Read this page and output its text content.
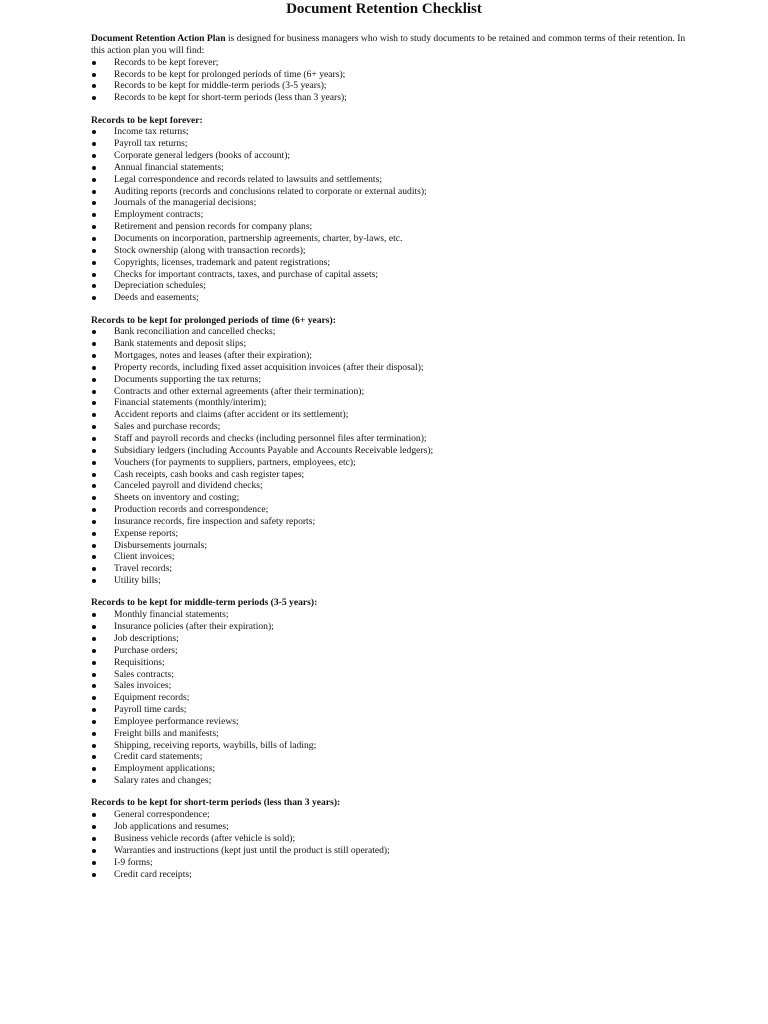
Document Retention Checklist

Document Retention Action Plan is designed for business managers who wish to study documents to be retained and common terms of their retention. In this action plan you will find:

Records to be kept forever;
Records to be kept for prolonged periods of time (6+ years);
Records to be kept for middle-term periods (3-5 years);
Records to be kept for short-term periods (less than 3 years);
Records to be kept forever:
Income tax returns;
Payroll tax returns;
Corporate general ledgers (books of account);
Annual financial statements;
Legal correspondence and records related to lawsuits and settlements;
Auditing reports (records and conclusions related to corporate or external audits);
Journals of the managerial decisions;
Employment contracts;
Retirement and pension records for company plans;
Documents on incorporation, partnership agreements, charter, by-laws, etc.
Stock ownership (along with transaction records);
Copyrights, licenses, trademark and patent registrations;
Checks for important contracts, taxes, and purchase of capital assets;
Depreciation schedules;
Deeds and easements;
Records to be kept for prolonged periods of time (6+ years):
Bank reconciliation and cancelled checks;
Bank statements and deposit slips;
Mortgages, notes and leases (after their expiration);
Property records, including fixed asset acquisition invoices (after their disposal);
Documents supporting the tax returns;
Contracts and other external agreements (after their termination);
Financial statements (monthly/interim);
Accident reports and claims (after accident or its settlement);
Sales and purchase records;
Staff and payroll records and checks (including personnel files after termination);
Subsidiary ledgers (including Accounts Payable and Accounts Receivable ledgers);
Vouchers (for payments to suppliers, partners, employees, etc);
Cash receipts, cash books and cash register tapes;
Canceled payroll and dividend checks;
Sheets on inventory and costing;
Production records and correspondence;
Insurance records, fire inspection and safety reports;
Expense reports;
Disbursements journals;
Client invoices;
Travel records;
Utility bills;
Records to be kept for middle-term periods (3-5 years):
Monthly financial statements;
Insurance policies (after their expiration);
Job descriptions;
Purchase orders;
Requisitions;
Sales contracts;
Sales invoices;
Equipment records;
Payroll time cards;
Employee performance reviews;
Freight bills and manifests;
Shipping, receiving reports, waybills, bills of lading;
Credit card statements;
Employment applications;
Salary rates and changes;
Records to be kept for short-term periods (less than 3 years):
General correspondence;
Job applications and resumes;
Business vehicle records (after vehicle is sold);
Warranties and instructions (kept just until the product is still operated);
I-9 forms;
Credit card receipts;
